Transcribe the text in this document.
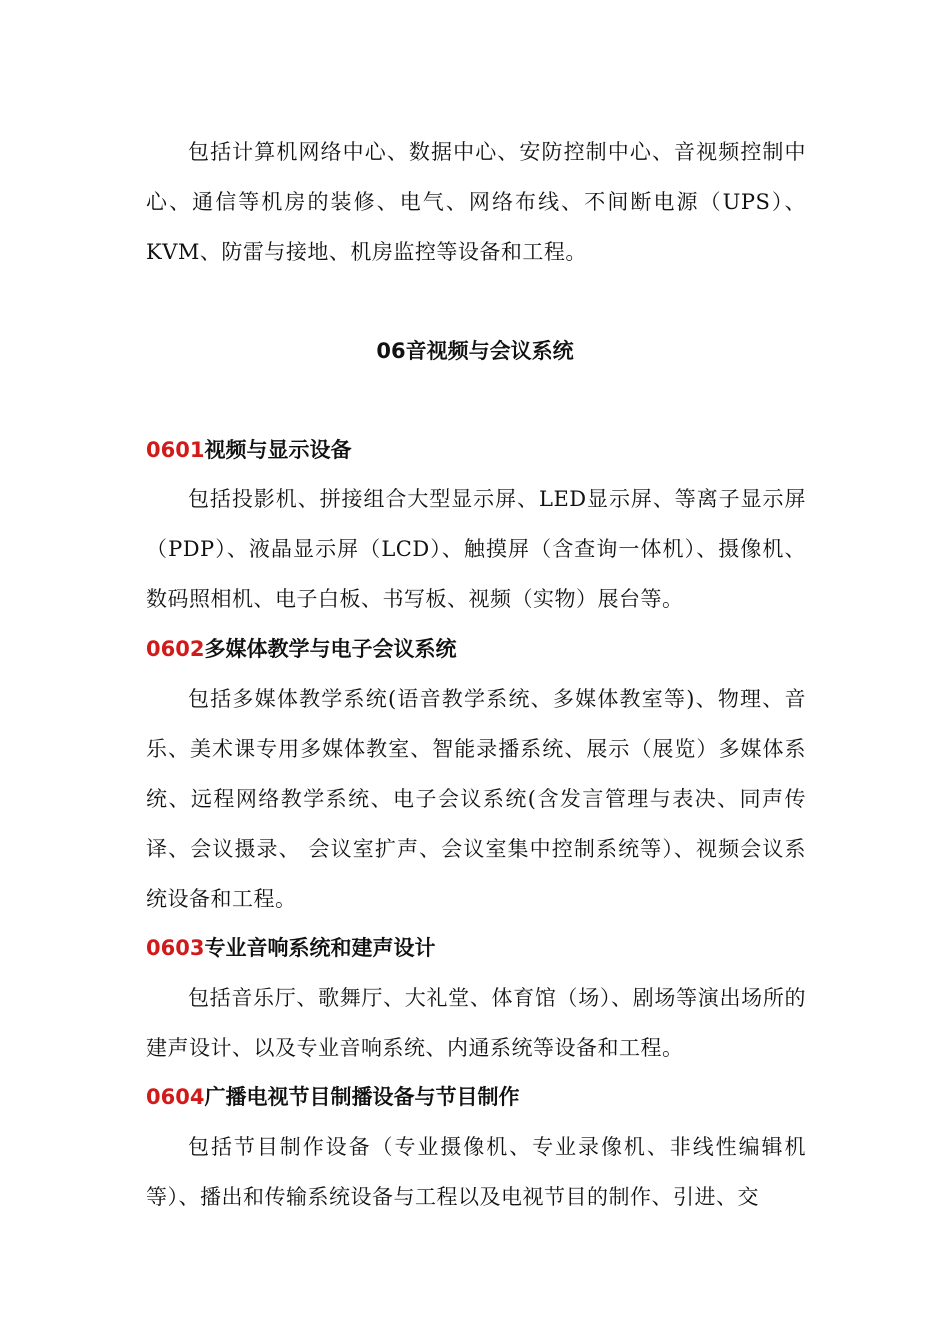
包括计算机网络中心、数据中心、安防控制中心、音视频控制中心、通信等机房的装修、电气、网络布线、不间断电源（UPS）、KVM、防雷与接地、机房监控等设备和工程。

06音视频与会议系统
0601视频与显示设备

包括投影机、拼接组合大型显示屏、LED显示屏、等离子显示屏（PDP）、液晶显示屏（LCD）、触摸屏（含查询一体机）、摄像机、数码照相机、电子白板、书写板、视频（实物）展台等。

0602多媒体教学与电子会议系统

包括多媒体教学系统(语音教学系统、多媒体教室等)、物理、音乐、美术课专用多媒体教室、智能录播系统、展示（展览）多媒体系统、远程网络教学系统、电子会议系统(含发言管理与表决、同声传译、会议摄录、 会议室扩声、会议室集中控制系统等）、视频会议系统设备和工程。

0603专业音响系统和建声设计

包括音乐厅、歌舞厅、大礼堂、体育馆（场）、剧场等演出场所的建声设计、以及专业音响系统、内通系统等设备和工程。

0604广播电视节目制播设备与节目制作

包括节目制作设备（专业摄像机、专业录像机、非线性编辑机等）、播出和传输系统设备与工程以及电视节目的制作、引进、交
